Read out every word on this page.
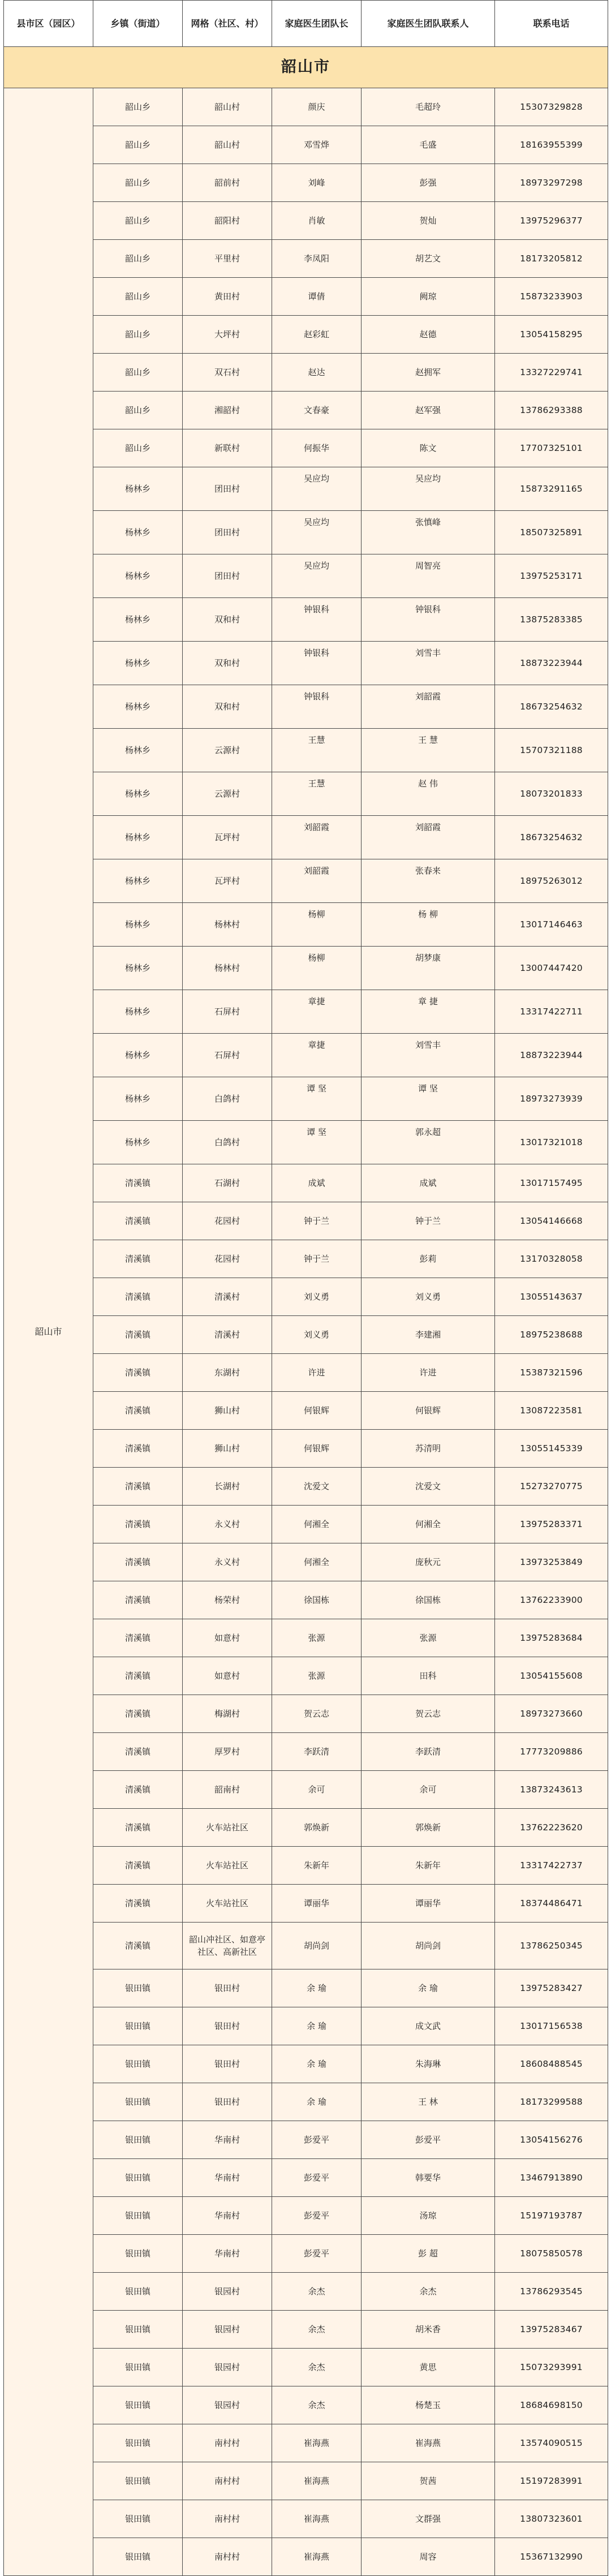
县市区（园区）	乡镇（街道）	网格（社区、村）	家庭医生团队长	家庭医生团队联系人	联系电话
韶山市					
韶山市	韶山乡	韶山村	颜庆	毛超玲	15307329828
	韶山乡	韶山村	邓雪烨	毛盛	18163955399
	韶山乡	韶前村	刘峰	彭强	18973297298
	韶山乡	韶阳村	肖敏	贺灿	13975296377
	韶山乡	平里村	李凤阳	胡艺文	18173205812
	韶山乡	黄田村	谭倩	阙琼	15873233903
	韶山乡	大坪村	赵彩虹	赵德	13054158295
	韶山乡	双石村	赵达	赵拥军	13327229741
	韶山乡	湘韶村	文春豪	赵军强	13786293388
	韶山乡	新联村	何振华	陈文	17707325101
	杨林乡	团田村	吴应均	吴应均	15873291165
	杨林乡	团田村	吴应均	张慎峰	18507325891
	杨林乡	团田村	吴应均	周智亮	13975253171
	杨林乡	双和村	钟银科	钟银科	13875283385
	杨林乡	双和村	钟银科	刘雪丰	18873223944
	杨林乡	双和村	钟银科	刘韶霞	18673254632
	杨林乡	云源村	王慧	王 慧	15707321188
	杨林乡	云源村	王慧	赵 伟	18073201833
	杨林乡	瓦坪村	刘韶霞	刘韶霞	18673254632
	杨林乡	瓦坪村	刘韶霞	张春来	18975263012
	杨林乡	杨林村	杨柳	杨 柳	13017146463
	杨林乡	杨林村	杨柳	胡梦康	13007447420
	杨林乡	石屏村	章捷	章 捷	13317422711
	杨林乡	石屏村	章捷	刘雪丰	18873223944
	杨林乡	白鸽村	谭 坚	谭 坚	18973273939
	杨林乡	白鸽村	谭 坚	郭永超	13017321018
	清溪镇	石湖村	成斌	成斌	13017157495
	清溪镇	花园村	钟于兰	钟于兰	13054146668
	清溪镇	花园村	钟于兰	彭莉	13170328058
	清溪镇	清溪村	刘义勇	刘义勇	13055143637
	清溪镇	清溪村	刘义勇	李建湘	18975238688
	清溪镇	东湖村	许进	许进	15387321596
	清溪镇	狮山村	何银辉	何银辉	13087223581
	清溪镇	狮山村	何银辉	苏清明	13055145339
	清溪镇	长湖村	沈爱文	沈爱文	15273270775
	清溪镇	永义村	何湘全	何湘全	13975283371
	清溪镇	永义村	何湘全	庞秋元	13973253849
	清溪镇	杨荣村	徐国栋	徐国栋	13762233900
	清溪镇	如意村	张源	张源	13975283684
	清溪镇	如意村	张源	田科	13054155608
	清溪镇	梅湖村	贺云志	贺云志	18973273660
	清溪镇	厚罗村	李跃清	李跃清	17773209886
	清溪镇	韶南村	余可	余可	13873243613
	清溪镇	火车站社区	郭焕新	郭焕新	13762223620
	清溪镇	火车站社区	朱新年	朱新年	13317422737
	清溪镇	火车站社区	谭丽华	谭丽华	18374486471
	清溪镇	韶山冲社区、如意亭社区、高新社区	胡尚剑	胡尚剑	13786250345
	银田镇	银田村	余 瑜	余 瑜	13975283427
	银田镇	银田村	余 瑜	成文武	13017156538
	银田镇	银田村	余 瑜	朱海琳	18608488545
	银田镇	银田村	余 瑜	王 林	18173299588
	银田镇	华南村	彭爱平	彭爱平	13054156276
	银田镇	华南村	彭爱平	韩要华	13467913890
	银田镇	华南村	彭爱平	汤琼	15197193787
	银田镇	华南村	彭爱平	彭 超	18075850578
	银田镇	银园村	余杰	余杰	13786293545
	银田镇	银园村	余杰	胡米香	13975283467
	银田镇	银园村	余杰	黄思	15073293991
	银田镇	银园村	余杰	杨楚玉	18684698150
	银田镇	南村村	崔海燕	崔海燕	13574090515
	银田镇	南村村	崔海燕	贺茜	15197283991
	银田镇	南村村	崔海燕	文群强	13807323601
	银田镇	南村村	崔海燕	周容	15367132990
